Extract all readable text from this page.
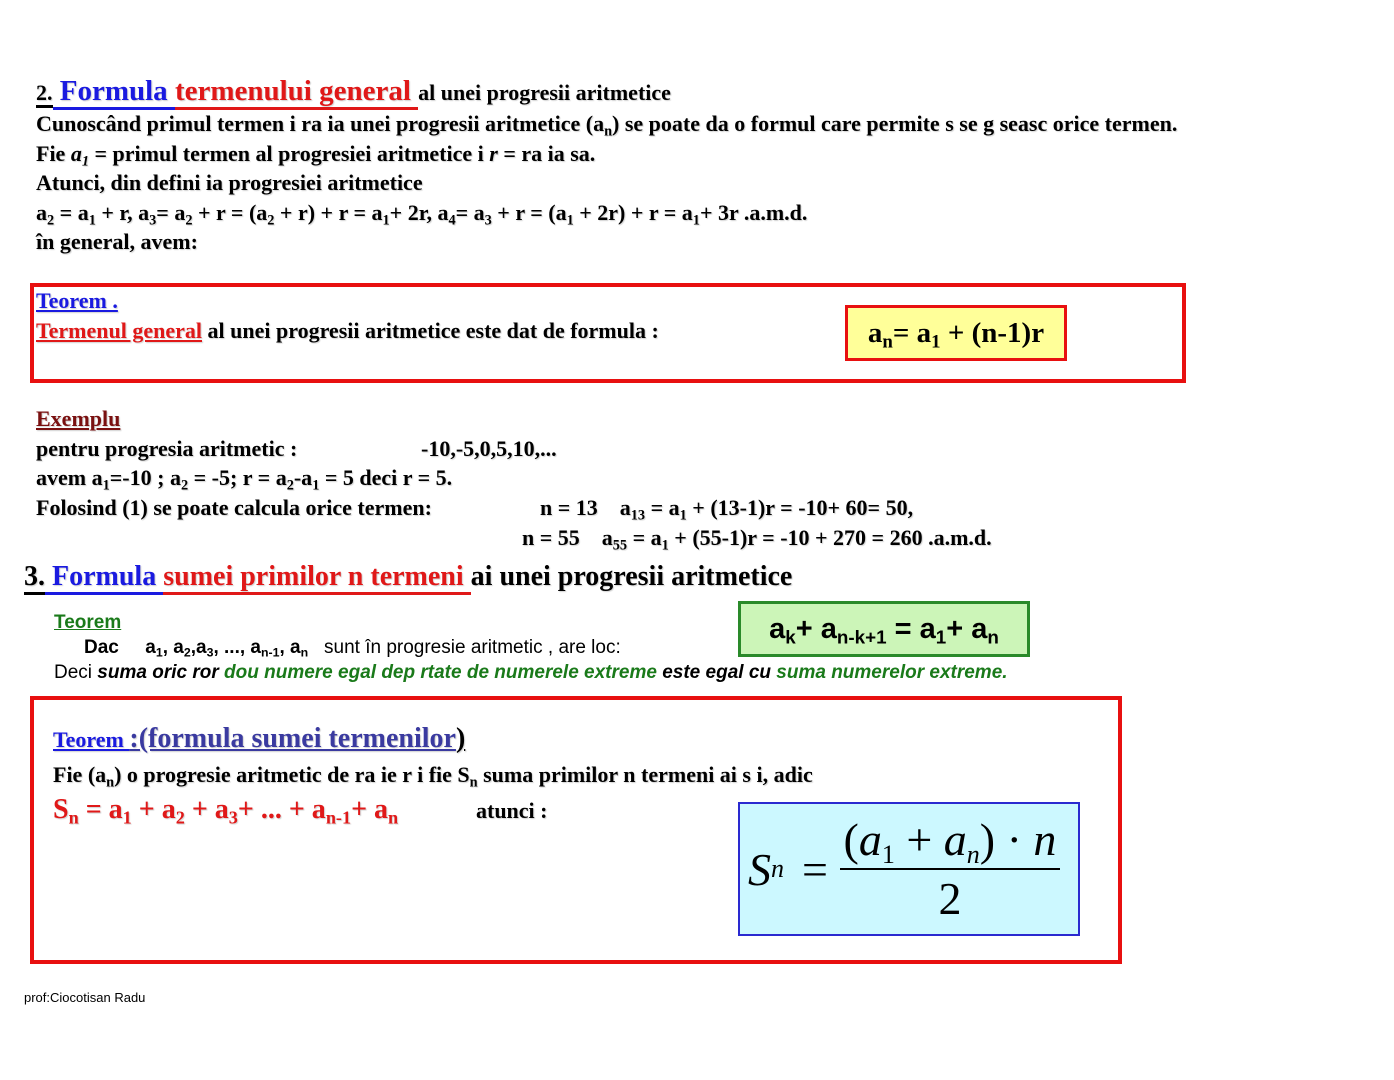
2. Formula termenului general al unei progresii aritmetice
Cunoscând primul termen i ra ia unei progresii aritmetice $(a_n)$ se poate da o formul care permite s se g seasc orice termen.
Fie $a_1$ = primul termen al progresiei aritmetice i r = ra ia sa.
Atunci, din defini ia progresiei aritmetice
$a_2 = a_1 + r$, $a_3= a_2 + r = (a_2 + r) + r = a_1+ 2r$, $a_4= a_3 + r = (a_1 + 2r) + r = a_1+ 3r$ .a.m.d.
în general, avem:
Teorem .
Termenul general al unei progresii aritmetice este dat de formula :	$a_n= a_1 + (n-1)r$
Exemplu
pentru progresia aritmetic :	-10,-5,0,5,10,...
avem $a_1=-10$ ; $a_2 = -5$; $r = a_2-a_1 = 5$ deci r = 5.
Folosind (1) se poate calcula orice termen:	n = 13 $a_{13} = a_1 + (13-1)r = -10+ 60= 50$,
n = 55 $a_{55} = a_1 + (55-1)r = -10 + 270 = 260$ .a.m.d.
3. Formula sumei primilor n termeni ai unei progresii aritmetice
Teorem
Dac     $a_1$, $a_2,a_3$, ..., $a_{n-1}$, $a_n$   sunt în progresie aritmetic , are loc:
$a_k+ a_{n-k+1} = a_1+ a_n$
Deci suma oric ror dou numere egal dep rtate de numerele extreme este egal cu suma numerelor extreme.
Teorem :(formula sumei termenilor)
Fie $(a_n)$ o progresie aritmetic de ra ie r i fie $S_n$ suma primilor n termeni ai s i, adic
$S_n = a_1 + a_2 + a_3+$ ... + $a_{n-1}+ a_n$	atunci :
S $n = \frac{(a_1 + a_n) \cdot n}{2}$
prof:Ciocotisan Radu
